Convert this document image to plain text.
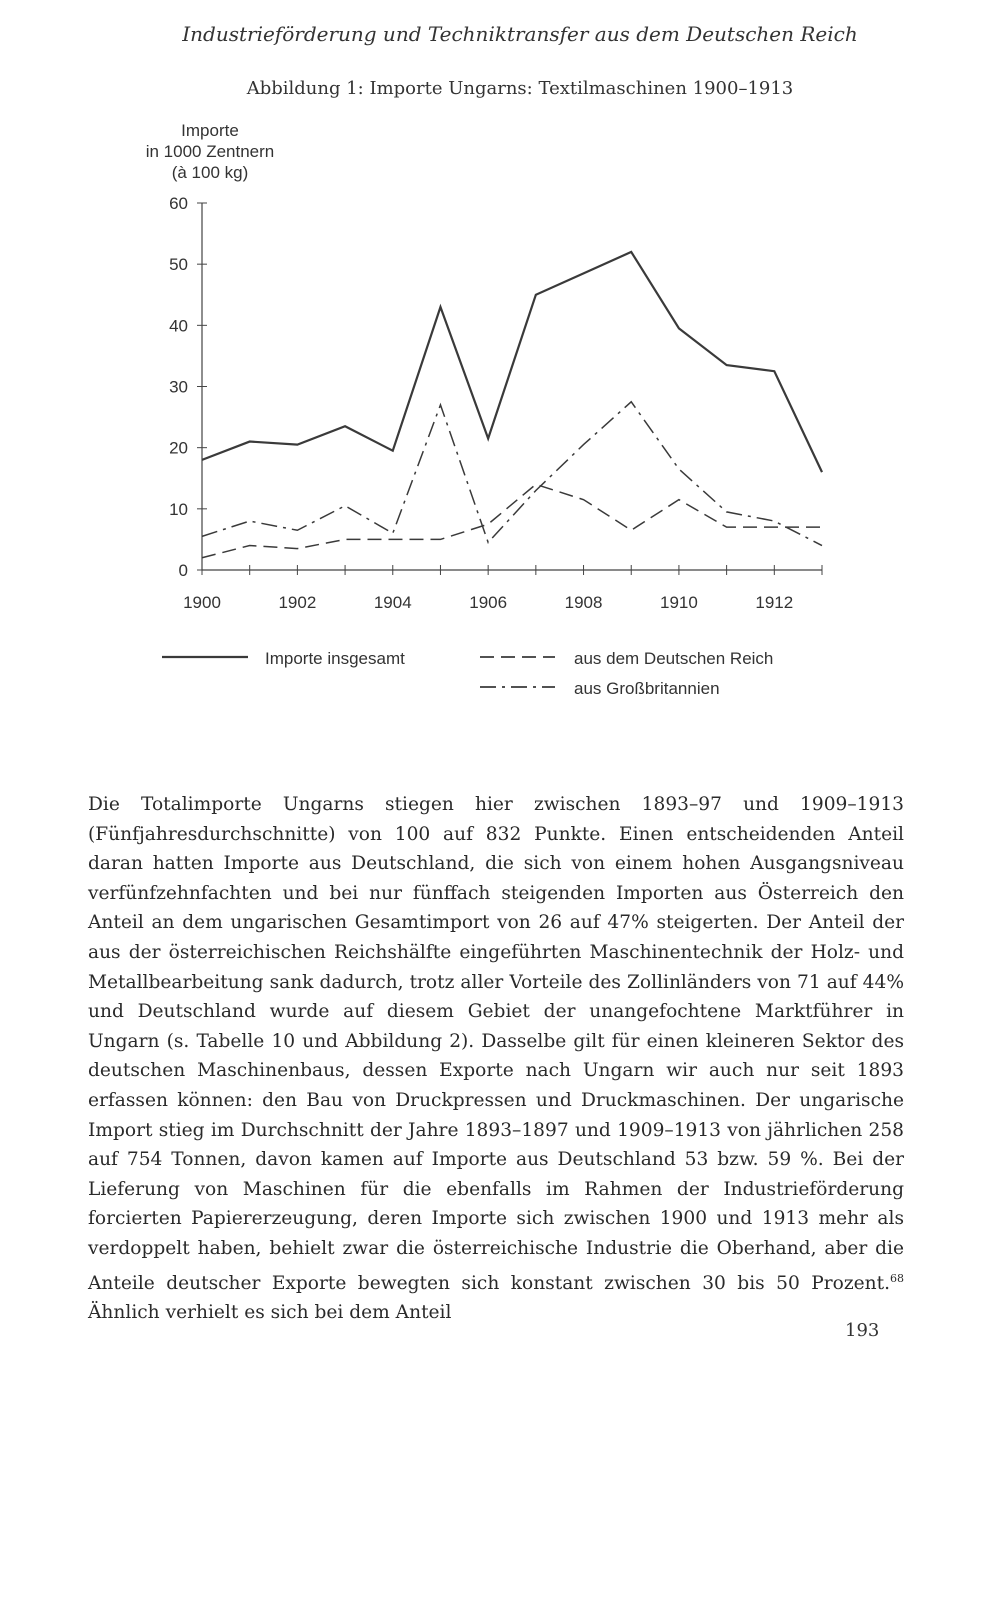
Industrieförderung und Techniktransfer aus dem Deutschen Reich
Abbildung 1: Importe Ungarns: Textilmaschinen 1900–1913
Importe
in 1000 Zentnern
(à 100 kg)
0
10
20
30
40
50
60
1900	1902	1904	1906	1908	1910	1912
Importe insgesamt	aus dem Deutschen Reich
aus Großbritannien

Die Totalimporte Ungarns stiegen hier zwischen 1893–97 und 1909–1913 (Fünfjahresdurchschnitte) von 100 auf 832 Punkte. Einen entscheidenden Anteil daran hatten Importe aus Deutschland, die sich von einem hohen Ausgangsniveau verfünfzehnfachten und bei nur fünffach steigenden Importen aus Österreich den Anteil an dem ungarischen Gesamtimport von 26 auf 47% steigerten. Der Anteil der aus der österreichischen Reichshälfte eingeführten Maschinentechnik der Holz- und Metallbearbeitung sank dadurch, trotz aller Vorteile des Zollinländers von 71 auf 44% und Deutschland wurde auf diesem Gebiet der unangefochtene Marktführer in Ungarn (s. Tabelle 10 und Abbildung 2). Dasselbe gilt für einen kleineren Sektor des deutschen Maschinenbaus, dessen Exporte nach Ungarn wir auch nur seit 1893 erfassen können: den Bau von Druckpressen und Druckmaschinen. Der ungarische Import stieg im Durchschnitt der Jahre 1893–1897 und 1909–1913 von jährlichen 258 auf 754 Tonnen, davon kamen auf Importe aus Deutschland 53 bzw. 59 %. Bei der Lieferung von Maschinen für die ebenfalls im Rahmen der Industrieförderung forcierten Papiererzeugung, deren Importe sich zwischen 1900 und 1913 mehr als verdoppelt haben, behielt zwar die österreichische Industrie die Oberhand, aber die Anteile deutscher Exporte bewegten sich konstant zwischen 30 bis 50 Prozent.$^{68}$ Ähnlich verhielt es sich bei dem Anteil

193
